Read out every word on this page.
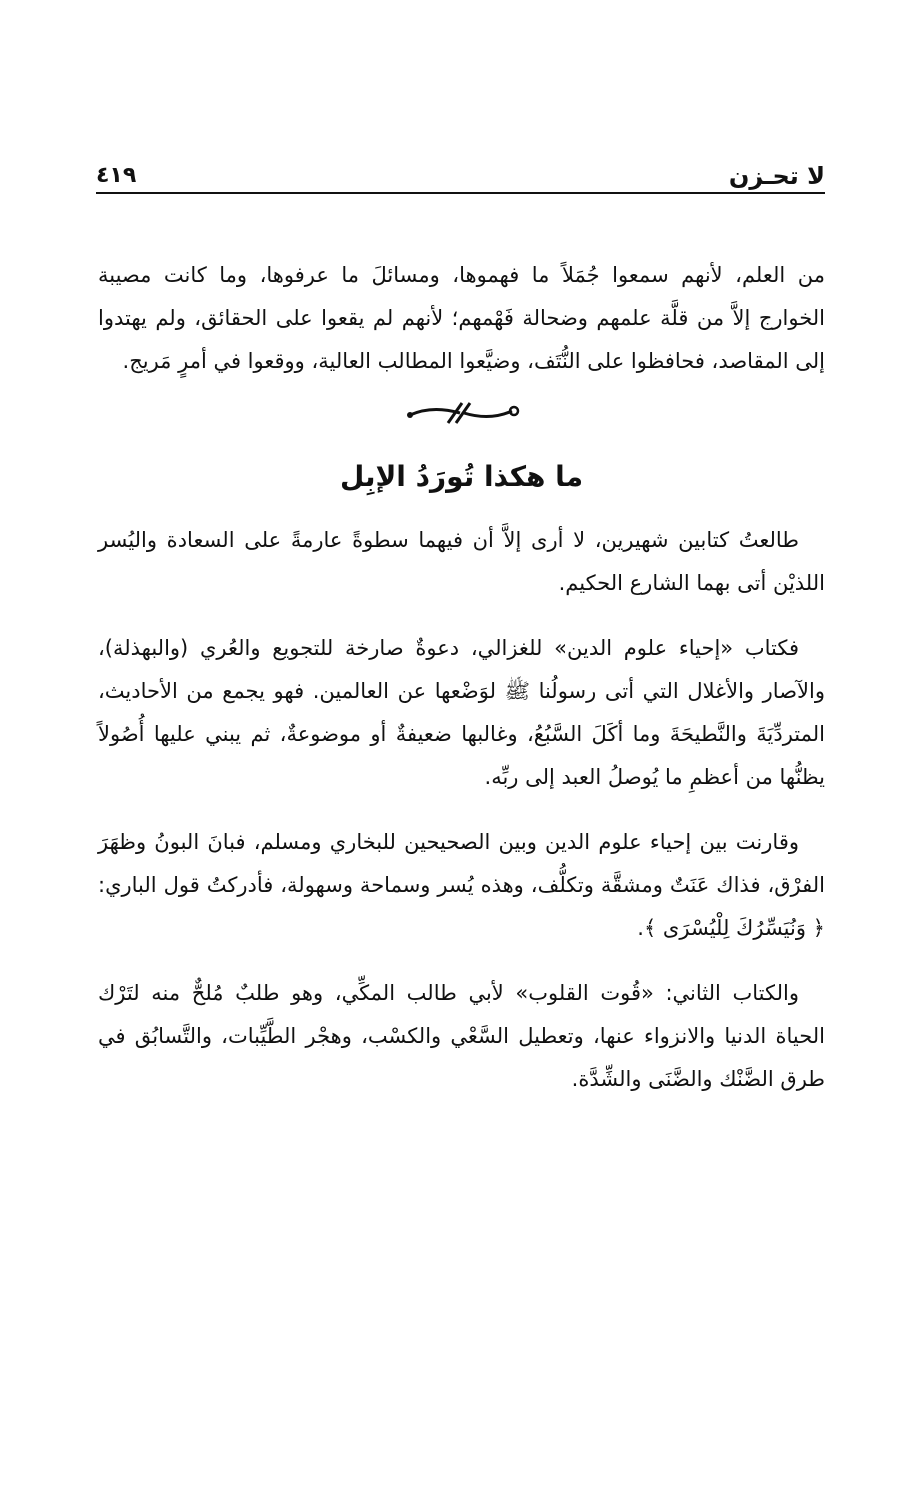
لا تحـزن
٤١٩

من العلم، لأنهم سمعوا جُمَلاً ما فهموها، ومسائلَ ما عرفوها، وما كانت مصيبة الخوارج إلاَّ من قلَّة علمهم وضحالة فَهْمهم؛ لأنهم لم يقعوا على الحقائق، ولم يهتدوا إلى المقاصد، فحافظوا على النُّتَف، وضيَّعوا المطالب العالية، ووقعوا في أمرٍ مَريج.

ما هكذا تُورَدُ الإبِل

طالعتُ كتابين شهيرين، لا أرى إلاَّ أن فيهما سطوةً عارمةً على السعادة واليُسر اللذيْن أتى بهما الشارع الحكيم.

فكتاب «إحياء علوم الدين» للغزالي، دعوةٌ صارخة للتجويع والعُري (والبهذلة)، والآصار والأغلال التي أتى رسولُنا ﷺ لوَضْعها عن العالمين. فهو يجمع من الأحاديث، المتردِّيَةَ والنَّطيحَةَ وما أكَلَ السَّبُعُ، وغالبها ضعيفةٌ أو موضوعةٌ، ثم يبني عليها أُصُولاً يظنُّها من أعظمِ ما يُوصلُ العبد إلى ربِّه.

وقارنت بين إحياء علوم الدين وبين الصحيحين للبخاري ومسلم، فبانَ البونُ وظهَرَ الفرْق، فذاك عَنَتٌ ومشقَّة وتكلُّف، وهذه يُسر وسماحة وسهولة، فأدركتُ قول الباري: ﴿ وَنُيَسِّرُكَ لِلْيُسْرَى ﴾.

والكتاب الثاني: «قُوت القلوب» لأبي طالب المكِّي، وهو طلبٌ مُلحٌّ منه لتَرْك الحياة الدنيا والانزواء عنها، وتعطيل السَّعْي والكسْب، وهجْر الطَّيِّبات، والتَّسابُق في طرق الضَّنْك والضَّنَى والشِّدَّة.
